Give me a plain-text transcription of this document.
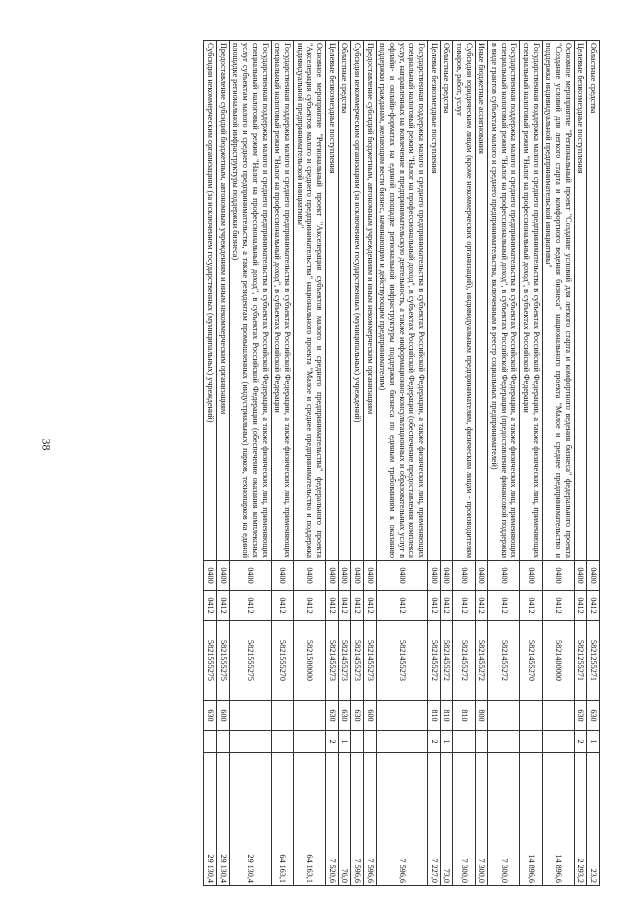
38
Областные средства	0400	0412	5821255271	630	1	23,2
Целевые безвозмездные поступления	0400	0412	5821255271	630	2	2 293,2
Основное мероприятие "Региональный проект "Создание условий для легкого старта и комфортного ведения бизнеса" федерального проекта "Создание условий для легкого старта и комфортного ведения бизнеса" национального проекта "Малое и среднее предпринимательство и поддержка индивидуальной предпринимательской инициативы"	0400	0412	5821400000			14 896,6
Государственная поддержка малого и среднего предпринимательства в субъектах Российской Федерации, а также физических лиц, применяющих специальный налоговый режим "Налог на профессиональный доход", в субъектах Российской Федерации	0400	0412	5821455270			14 896,6
Государственная поддержка малого и среднего предпринимательства в субъектах Российской Федерации, а также физических лиц, применяющих специальный налоговый режим "Налог на профессиональный доход", в субъектах Российской Федерации (предоставление финансовой поддержки в виде грантов субъектам малого и среднего предпринимательства, включенным в реестр социальных предпринимателей)	0400	0412	5821455272			7 300,0
Иные бюджетные ассигнования	0400	0412	5821455272	800		7 300,0
Субсидии юридическим лицам (кроме некоммерческих организаций), индивидуальным предпринимателям, физическим лицам - производителям товаров, работ, услуг	0400	0412	5821455272	810		7 300,0
Областные средства	0400	0412	5821455272	810	1	73,0
Целевые безвозмездные поступления	0400	0412	5821455272	810	2	7 227,0
Государственная поддержка малого и среднего предпринимательства в субъектах Российской Федерации, а также физических лиц, применяющих специальный налоговый режим "Налог на профессиональный доход", в субъектах Российской Федерации (обеспечение предоставления комплекса услуг, направленных на вовлечение в предпринимательскую деятельность, а также информационно-консультационных и образовательных услуг в офлайн- и онлайн-форматах на единой площадке региональной инфраструктуры поддержки бизнеса по единым требованиям к оказанию поддержки гражданам, желающим вести бизнес, начинающим и действующим предпринимателям)	0400	0412	5821455273			7 596,6
Предоставление субсидий бюджетным, автономным учреждениям и иным некоммерческим организациям	0400	0412	5821455273	600		7 596,6
Субсидии некоммерческим организациям (за исключением государственных (муниципальных) учреждений)	0400	0412	5821455273	630		7 596,6
Областные средства	0400	0412	5821455273	630	1	76,0
Целевые безвозмездные поступления	0400	0412	5821455273	630	2	7 520,6
Основное мероприятие "Региональный проект "Акселерация субъектов малого и среднего предпринимательства" федерального проекта "Акселерация субъектов малого и среднего предпринимательства" национального проекта "Малое и среднее предпринимательство и поддержка индивидуальной предпринимательской инициативы"	0400	0412	5821500000			64 163,1
Государственная поддержка малого и среднего предпринимательства в субъектах Российской Федерации, а также физических лиц, применяющих специальный налоговый режим "Налог на профессиональный доход", в субъектах Российской Федерации	0400	0412	5821555270			64 163,1
Государственная поддержка малого и среднего предпринимательства в субъектах Российской Федерации, а также физических лиц, применяющих специальный налоговый режим "Налог на профессиональный доход", в субъектах Российской Федерации (обеспечение оказания комплексных услуг субъектам малого и среднего предпринимательства, а также резидентам промышленных (индустриальных) парков, технопарков на единой площадке региональной инфраструктуры поддержки бизнеса)	0400	0412	5821555275			29 130,4
Предоставление субсидий бюджетным, автономным учреждениям и иным некоммерческим организациям	0400	0412	5821555275	600		29 130,4
Субсидии некоммерческим организациям (за исключением государственных (муниципальных) учреждений)	0400	0412	5821555275	630		29 130,4
